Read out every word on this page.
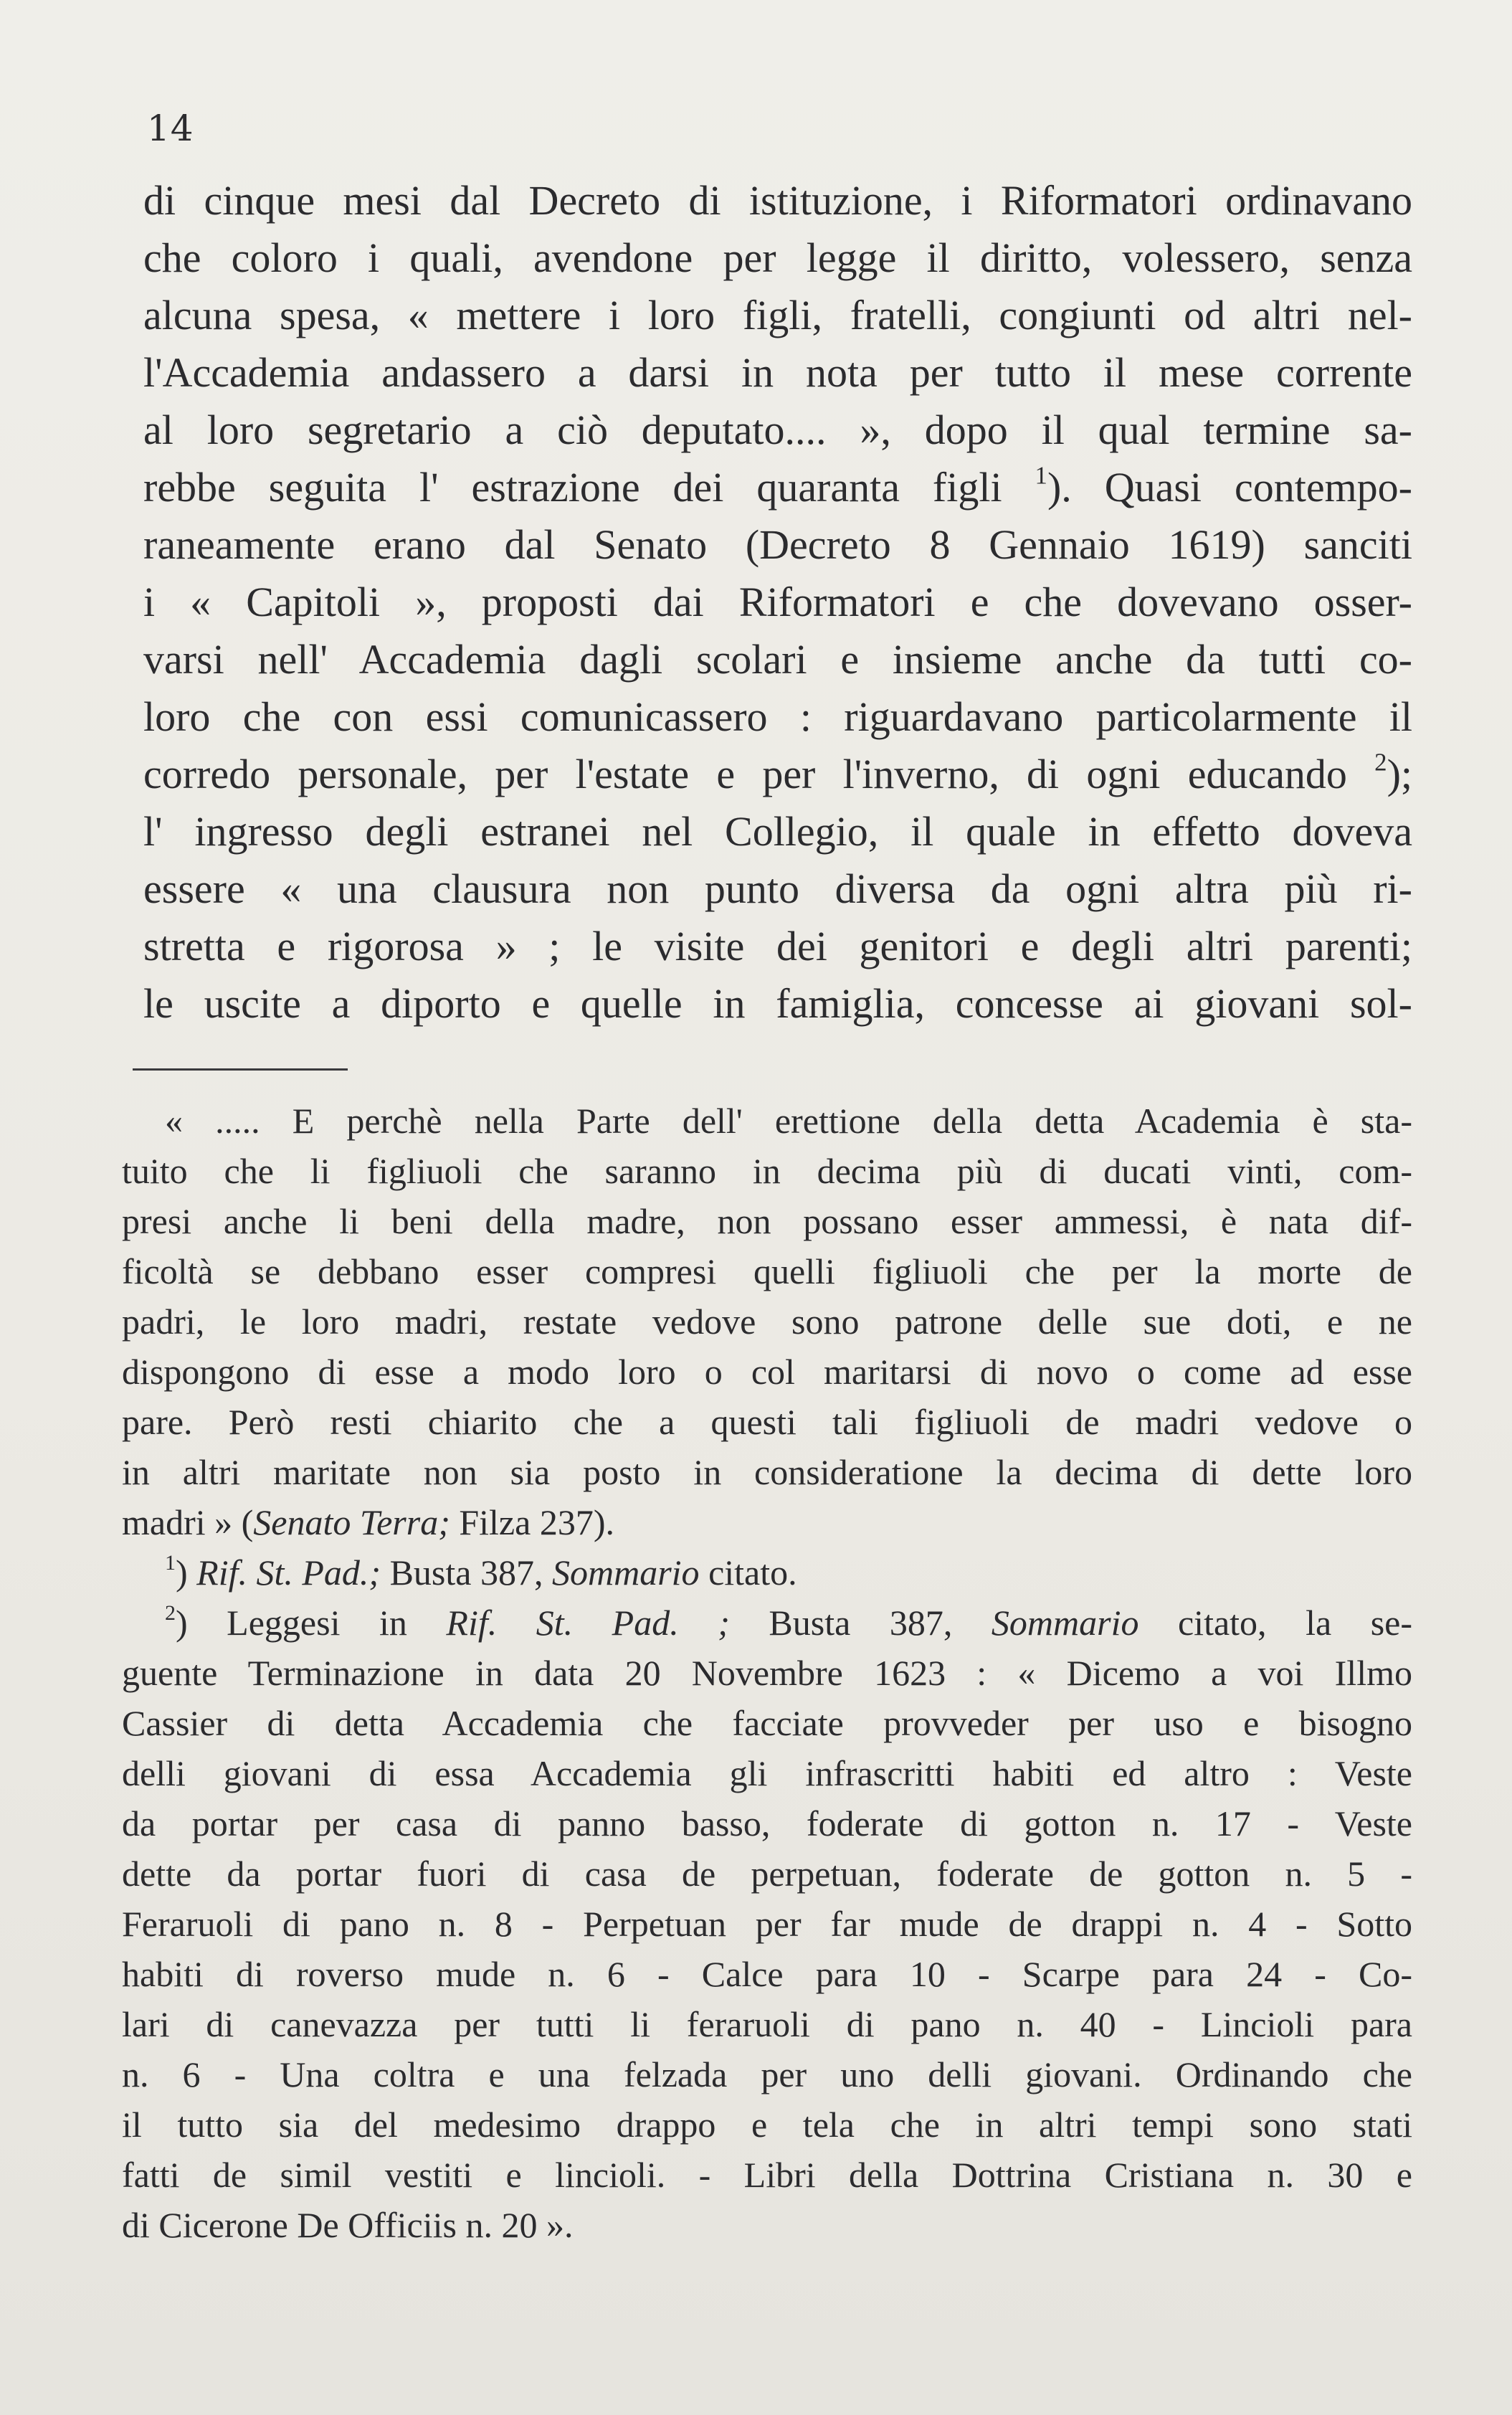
14
di cinque mesi dal Decreto di istituzione, i Riformatori ordinavano
che coloro i quali, avendone per legge il diritto, volessero, senza
alcuna spesa, « mettere i loro figli, fratelli, congiunti od altri nel-
l'Accademia andassero a darsi in nota per tutto il mese corrente
al loro segretario a ciò deputato.... », dopo il qual termine sa-
rebbe seguita l' estrazione dei quaranta figli $^1$). Quasi contempo-
raneamente erano dal Senato (Decreto 8 Gennaio 1619) sanciti
i « Capitoli », proposti dai Riformatori e che dovevano osser-
varsi nell' Accademia dagli scolari e insieme anche da tutti co-
loro che con essi comunicassero : riguardavano particolarmente il
corredo personale, per l'estate e per l'inverno, di ogni educando $^2$);
l' ingresso degli estranei nel Collegio, il quale in effetto doveva
essere « una clausura non punto diversa da ogni altra più ri-
stretta e rigorosa » ; le visite dei genitori e degli altri parenti;
le uscite a diporto e quelle in famiglia, concesse ai giovani sol-
« ..... E perchè nella Parte dell' erettione della detta Academia è sta-
tuito che li figliuoli che saranno in decima più di ducati vinti, com-
presi anche li beni della madre, non possano esser ammessi, è nata dif-
ficoltà se debbano esser compresi quelli figliuoli che per la morte de
padri, le loro madri, restate vedove sono patrone delle sue doti, e ne
dispongono di esse a modo loro o col maritarsi di novo o come ad esse
pare. Però resti chiarito che a questi tali figliuoli de madri vedove o
in altri maritate non sia posto in consideratione la decima di dette loro
madri » (Senato Terra; Filza 237).
$^1$) Rif. St. Pad.; Busta 387, Sommario citato.
$^2$) Leggesi in Rif. St. Pad. ; Busta 387, Sommario citato, la se-
guente Terminazione in data 20 Novembre 1623 : « Dicemo a voi Illmo
Cassier di detta Accademia che facciate provveder per uso e bisogno
delli giovani di essa Accademia gli infrascritti habiti ed altro : Veste
da portar per casa di panno basso, foderate di gotton n. 17 - Veste
dette da portar fuori di casa de perpetuan, foderate de gotton n. 5 -
Feraruoli di pano n. 8 - Perpetuan per far mude de drappi n. 4 - Sotto
habiti di roverso mude n. 6 - Calce para 10 - Scarpe para 24 - Co-
lari di canevazza per tutti li feraruoli di pano n. 40 - Lincioli para
n. 6 - Una coltra e una felzada per uno delli giovani. Ordinando che
il tutto sia del medesimo drappo e tela che in altri tempi sono stati
fatti de simil vestiti e lincioli. - Libri della Dottrina Cristiana n. 30 e
di Cicerone De Officiis n. 20 ».
